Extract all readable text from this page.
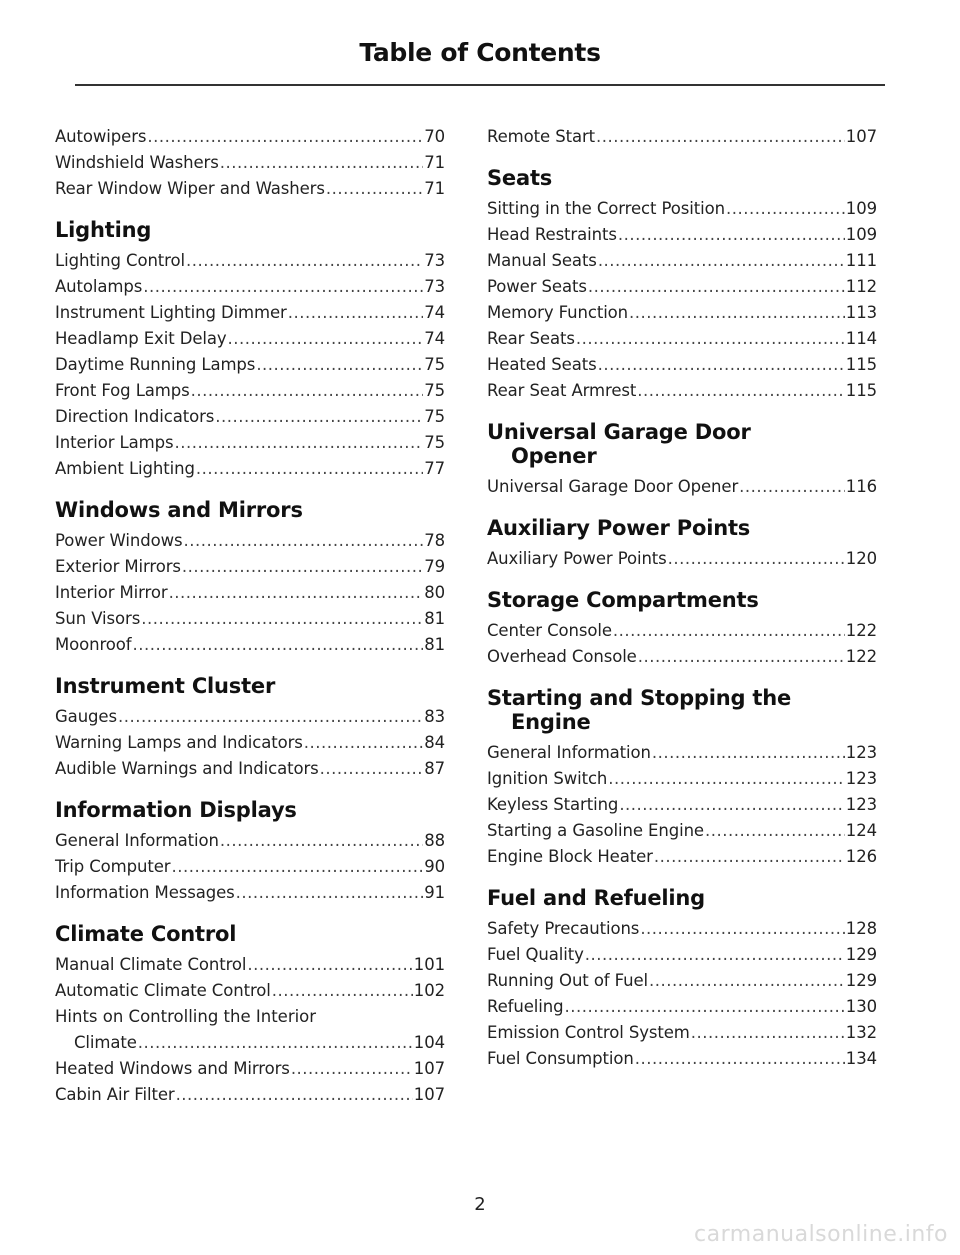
Table of Contents
Autowipers .....	70
Windshield Washers .....	71
Rear Window Wiper and Washers .....	71
Lighting
Lighting Control .....	73
Autolamps .....	73
Instrument Lighting Dimmer .....	74
Headlamp Exit Delay .....	74
Daytime Running Lamps .....	75
Front Fog Lamps .....	75
Direction Indicators .....	75
Interior Lamps .....	75
Ambient Lighting .....	77
Windows and Mirrors
Power Windows .....	78
Exterior Mirrors .....	79
Interior Mirror .....	80
Sun Visors .....	81
Moonroof .....	81
Instrument Cluster
Gauges .....	83
Warning Lamps and Indicators .....	84
Audible Warnings and Indicators .....	87
Information Displays
General Information .....	88
Trip Computer .....	90
Information Messages .....	91
Climate Control
Manual Climate Control .....	101
Automatic Climate Control .....	102
Hints on Controlling the Interior
Climate .....	104
Heated Windows and Mirrors .....	107
Cabin Air Filter .....	107
Remote Start .....	107
Seats
Sitting in the Correct Position .....	109
Head Restraints .....	109
Manual Seats .....	111
Power Seats .....	112
Memory Function .....	113
Rear Seats .....	114
Heated Seats .....	115
Rear Seat Armrest .....	115
Universal Garage Door
Opener
Universal Garage Door Opener .....	116
Auxiliary Power Points
Auxiliary Power Points .....	120
Storage Compartments
Center Console .....	122
Overhead Console .....	122
Starting and Stopping the
Engine
General Information .....	123
Ignition Switch .....	123
Keyless Starting .....	123
Starting a Gasoline Engine .....	124
Engine Block Heater .....	126
Fuel and Refueling
Safety Precautions .....	128
Fuel Quality .....	129
Running Out of Fuel .....	129
Refueling .....	130
Emission Control System .....	132
Fuel Consumption .....	134
2
carmanualsonline.info
